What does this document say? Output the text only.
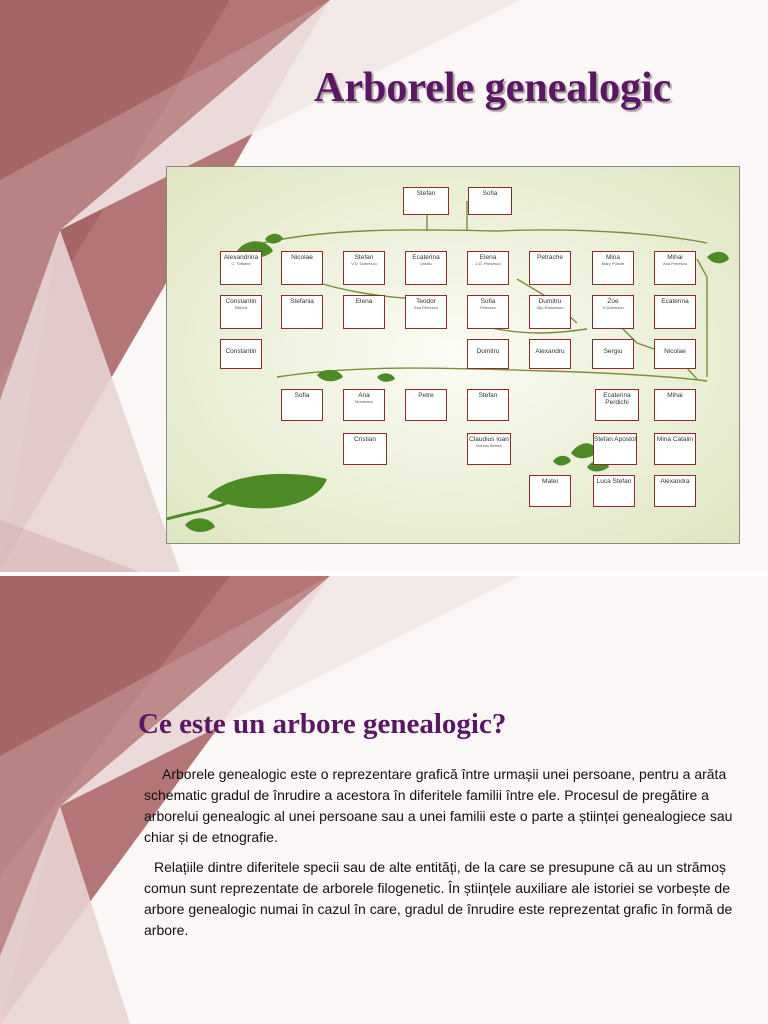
Arborele genealogic
Stefan	Sofia
Alexandrina
C. Tofhane
Nicolae	Stefan
V.D. Dobrescu
Ecaterina
Vasiliu
Elena
Z.D. Parvescu
Petrache	Mina
Mary Polsde
Mihai
Ana Petrescu
Constantin
Elliford
Stefania	Elena	Teodor
Ana Petrescu
Sofia
Petrescu
Dumitru
Ulju Radulescu
Zoe
H.Dobrescu
Ecaterina
Constantin	Dumitru	Alexandru	Sergiu	Nicolae
Sofia	Ana
Modreanu
Petre	Stefan	Ecaterina Perdichi
Mihai
Cristian	Claudius Ioan
Bonoiu Benea
Stefan Apostol	Mina Catalin
Matei	Luca Stefan	Alexandra
Ce este un arbore genealogic?
Arborele genealogic este o reprezentare grafică între urmașii unei persoane, pentru a arăta schematic gradul de înrudire a acestora în diferitele familii între ele. Procesul de pregătire a arborelui genealogic al unei persoane sau a unei familii este o parte a științei genealogiece sau chiar și de etnografie.
Relațiile dintre diferitele specii sau de alte entități, de la care se presupune că au un strămoș comun sunt reprezentate de arborele filogenetic. În științele auxiliare ale istoriei se vorbește de arbore genealogic numai în cazul în care, gradul de înrudire este reprezentat grafic în formă de arbore.
